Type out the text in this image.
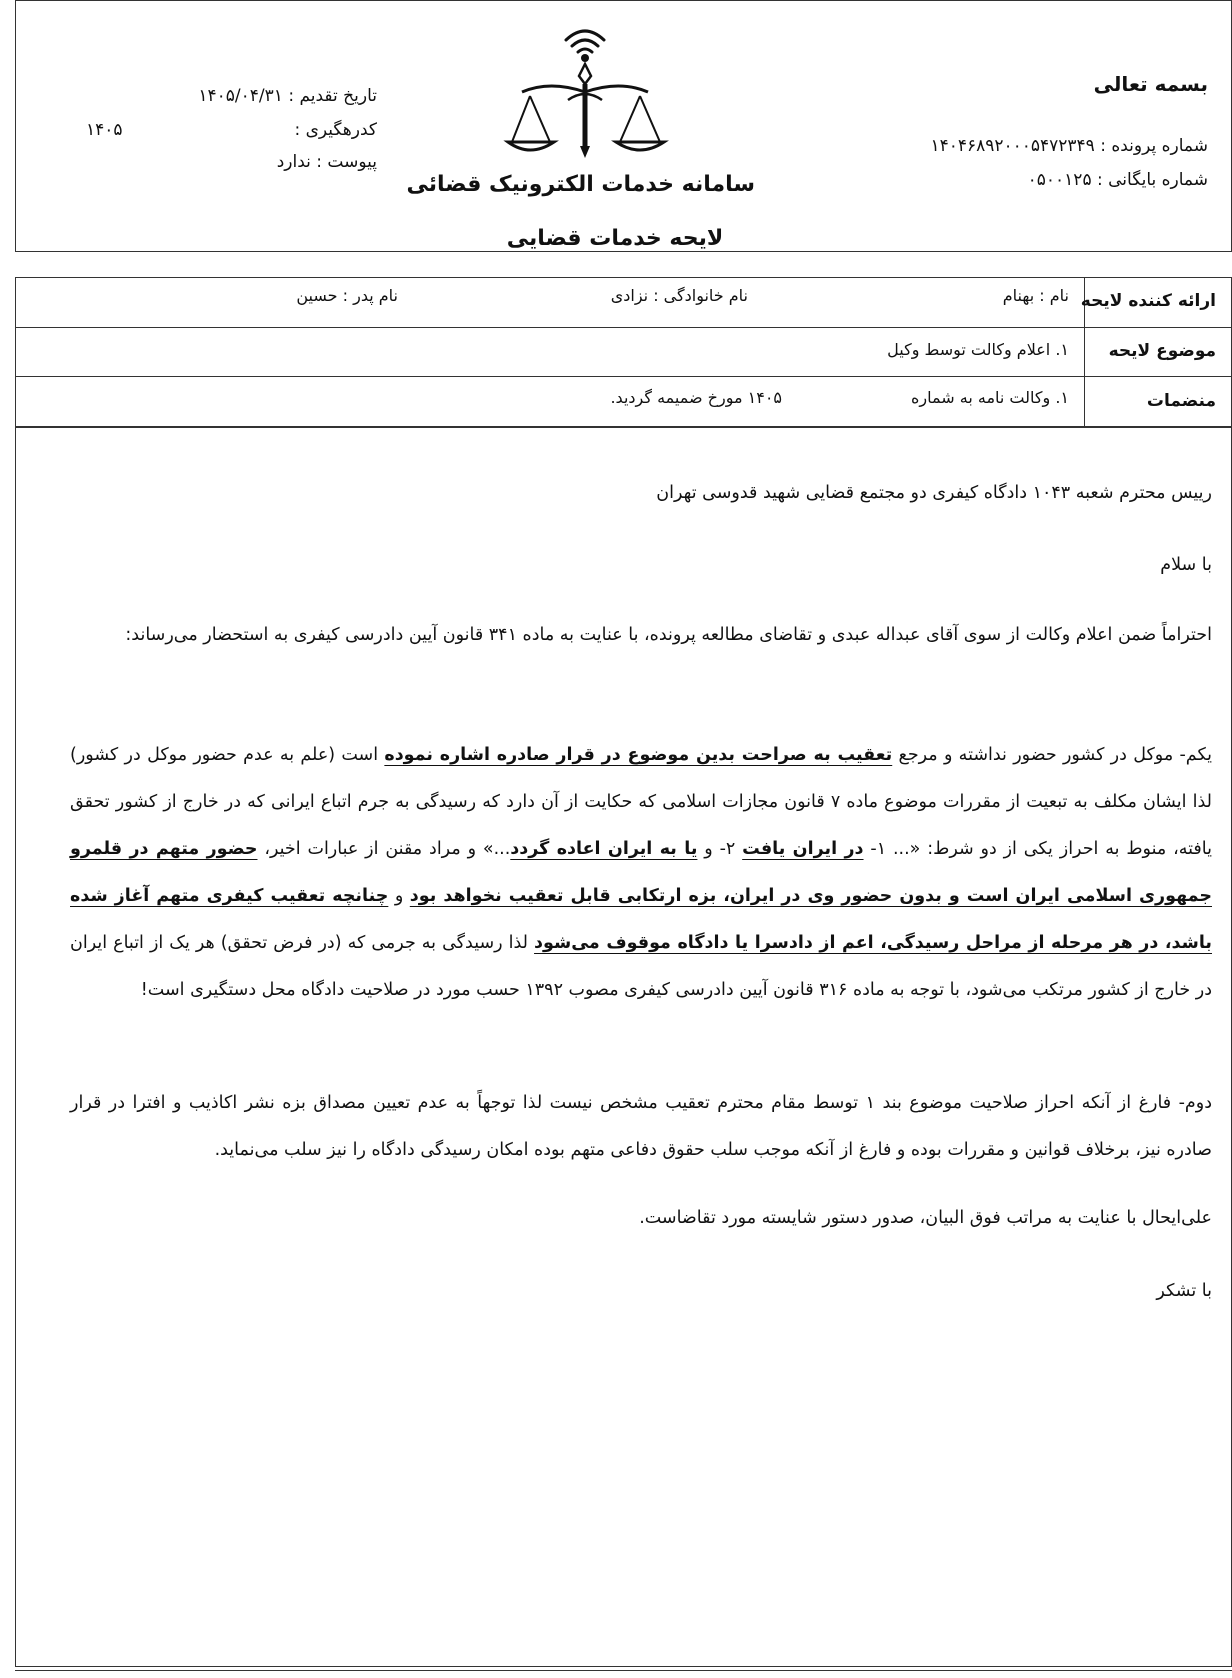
بسمه تعالی
شماره پرونده : ۱۴۰۴۶۸۹۲۰۰۰۵۴۷۲۳۴۹
شماره بایگانی : ۰۵۰۰۱۲۵
تاریخ تقدیم : ۱۴۰۵/۰۴/۳۱
کدرهگیری :
۱۴۰۵
پیوست : ندارد
سامانه خدمات الکترونیک قضائی
لایحه خدمات قضایی
ارائه کننده لایحه
نام : بهنام
نام خانوادگی : نزادی
نام پدر : حسین
موضوع لایحه
۱. اعلام وکالت توسط وکیل
منضمات
۱. وکالت نامه به شماره
۱۴۰۵ مورخ ضمیمه گردید.
رییس محترم شعبه ۱۰۴۳ دادگاه کیفری دو مجتمع قضایی شهید قدوسی تهران
با سلام
احتراماً ضمن اعلام وکالت از سوی آقای عبداله عبدی و تقاضای مطالعه پرونده، با عنایت به ماده ۳۴۱ قانون آیین دادرسی کیفری به استحضار می‌رساند:
یکم- موکل در کشور حضور نداشته و مرجع تعقیب به صراحت بدین موضوع در قرار صادره اشاره نموده است (علم به عدم حضور موکل در کشور) لذا ایشان مکلف به تبعیت از مقررات موضوع ماده ۷ قانون مجازات اسلامی که حکایت از آن دارد که رسیدگی به جرم اتباع ایرانی که در خارج از کشور تحقق یافته، منوط به احراز یکی از دو شرط: «... ۱- در ایران یافت ۲- و یا به ایران اعاده گردد...» و مراد مقنن از عبارات اخیر، حضور متهم در قلمرو جمهوری اسلامی ایران است و بدون حضور وی در ایران، بزه ارتکابی قابل تعقیب نخواهد بود و چنانچه تعقیب کیفری متهم آغاز شده باشد، در هر مرحله از مراحل رسیدگی، اعم از دادسرا یا دادگاه موقوف می‌شود لذا رسیدگی به جرمی که (در فرض تحقق) هر یک از اتباع ایران در خارج از کشور مرتکب می‌شود، با توجه به ماده ۳۱۶ قانون آیین دادرسی کیفری مصوب ۱۳۹۲ حسب مورد در صلاحیت دادگاه محل دستگیری است!
دوم- فارغ از آنکه احراز صلاحیت موضوع بند ۱ توسط مقام محترم تعقیب مشخص نیست لذا توجهاً به عدم تعیین مصداق بزه نشر اکاذیب و افترا در قرار صادره نیز، برخلاف قوانین و مقررات بوده و فارغ از آنکه موجب سلب حقوق دفاعی متهم بوده امکان رسیدگی دادگاه را نیز سلب می‌نماید.
علی‌ایحال با عنایت به مراتب فوق البیان، صدور دستور شایسته مورد تقاضاست.
با تشکر
